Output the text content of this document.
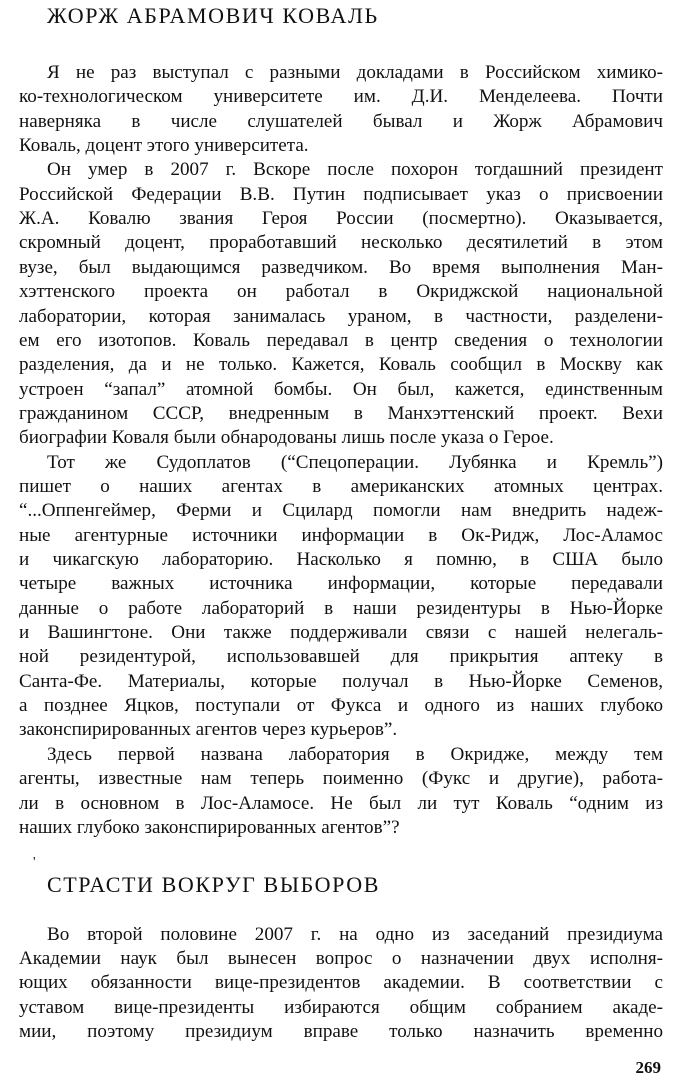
ЖОРЖ АБРАМОВИЧ КОВАЛЬ

Я не раз выступал с разными докладами в Российском химико-

ко-технологическом университете им. Д.И. Менделеева. Почти

наверняка в числе слушателей бывал и Жорж Абрамович

Коваль, доцент этого университета.

Он умер в 2007 г. Вскоре после похорон тогдашний президент

Российской Федерации В.В. Путин подписывает указ о присвоении

Ж.А. Ковалю звания Героя России (посмертно). Оказывается,

скромный доцент, проработавший несколько десятилетий в этом

вузе, был выдающимся разведчиком. Во время выполнения Ман-

хэттенского проекта он работал в Окриджской национальной

лаборатории, которая занималась ураном, в частности, разделени-

ем его изотопов. Коваль передавал в центр сведения о технологии

разделения, да и не только. Кажется, Коваль сообщил в Москву как

устроен “запал” атомной бомбы. Он был, кажется, единственным

гражданином СССР, внедренным в Манхэттенский проект. Вехи

биографии Коваля были обнародованы лишь после указа о Герое.

Тот же Судоплатов (“Спецоперации. Лубянка и Кремль”)

пишет о наших агентах в американских атомных центрах.

“...Оппенгеймер, Ферми и Сцилард помогли нам внедрить надеж-

ные агентурные источники информации в Ок-Ридж, Лос-Аламос

и чикагскую лабораторию. Насколько я помню, в США было

четыре важных источника информации, которые передавали

данные о работе лабораторий в наши резидентуры в Нью-Йорке

и Вашингтоне. Они также поддерживали связи с нашей нелегаль-

ной резидентурой, использовавшей для прикрытия аптеку в

Санта-Фе. Материалы, которые получал в Нью-Йорке Семенов,

а позднее Яцков, поступали от Фукса и одного из наших глубоко

законспирированных агентов через курьеров”.

Здесь первой названа лаборатория в Окридже, между тем

агенты, известные нам теперь поименно (Фукс и другие), работа-

ли в основном в Лос-Аламосе. Не был ли тут Коваль “одним из

наших глубоко законспирированных агентов”?

'
СТРАСТИ ВОКРУГ ВЫБОРОВ

Во второй половине 2007 г. на одно из заседаний президиума

Академии наук был вынесен вопрос о назначении двух исполня-

ющих обязанности вице-президентов академии. В соответствии с

уставом вице-президенты избираются общим собранием акаде-

мии, поэтому президиум вправе только назначить временно

269
